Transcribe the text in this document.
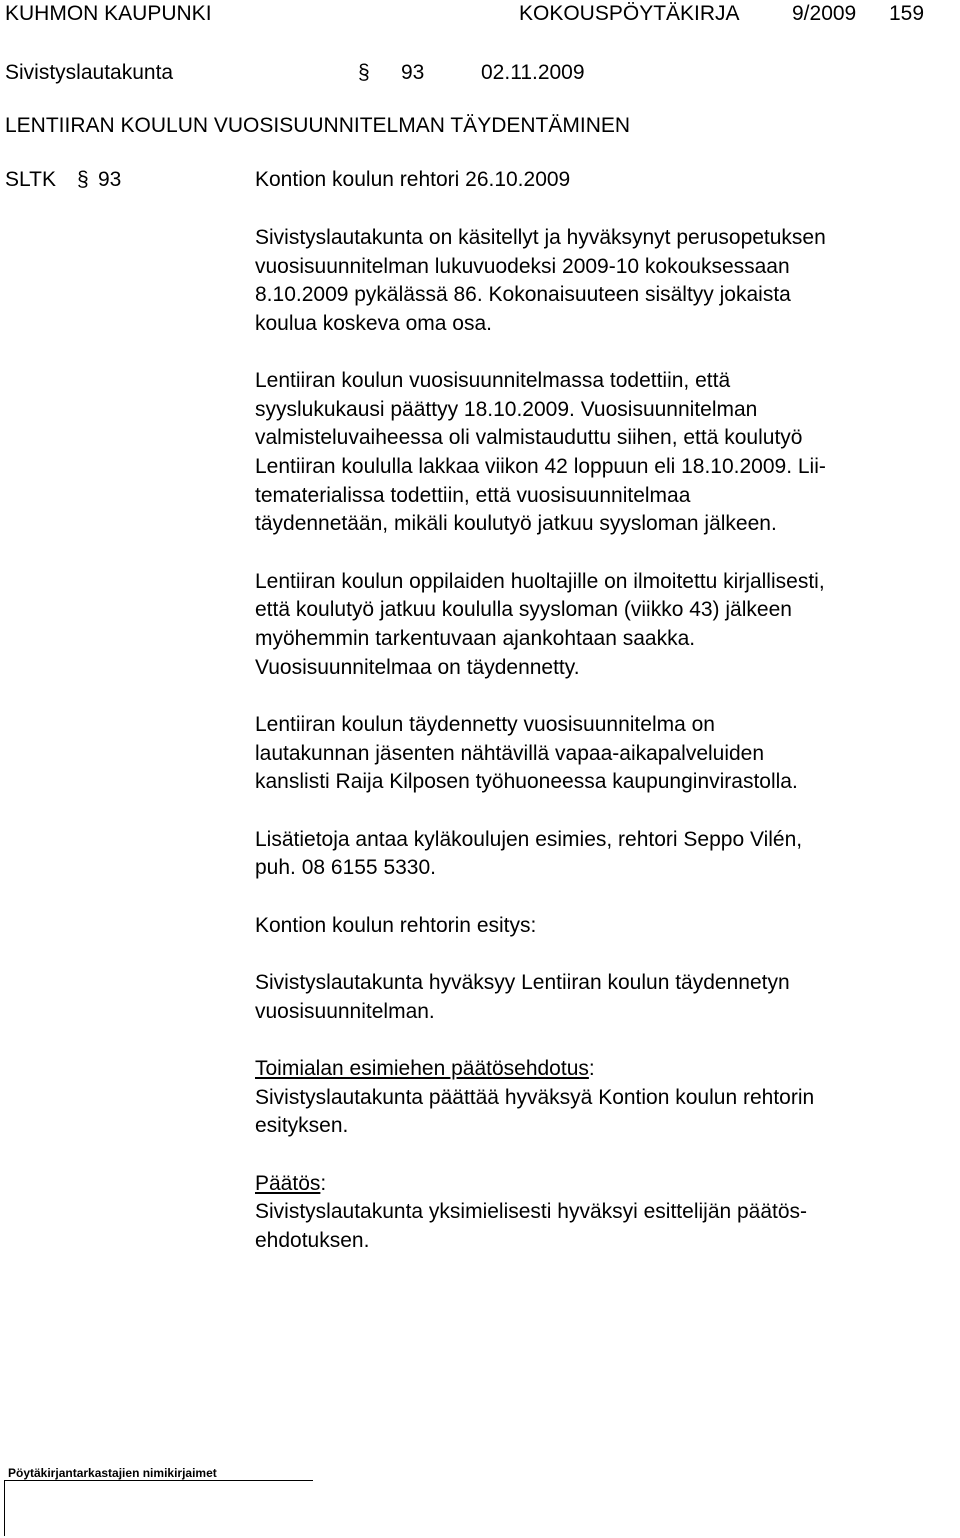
KUHMON KAUPUNKI	KOKOUSPÖYTÄKIRJA 9/2009 159
Sivistyslautakunta	§ 93	02.11.2009
LENTIIRAN KOULUN VUOSISUUNNITELMAN TÄYDENTÄMINEN
SLTK § 93	Kontion koulun rehtori 26.10.2009
Sivistyslautakunta on käsitellyt ja hyväksynyt perusopetuksen
vuosisuunnitelman lukuvuodeksi 2009-10 kokouksessaan
8.10.2009 pykälässä 86. Kokonaisuuteen sisältyy jokaista
koulua koskeva oma osa.
Lentiiran koulun vuosisuunnitelmassa todettiin, että
syyslukukausi päättyy 18.10.2009. Vuosisuunnitelman
valmisteluvaiheessa oli valmistauduttu siihen, että koulutyö
Lentiiran koululla lakkaa viikon 42 loppuun eli 18.10.2009. Lii-
tematerialissa todettiin, että vuosisuunnitelmaa
täydennetään, mikäli koulutyö jatkuu syysloman jälkeen.
Lentiiran koulun oppilaiden huoltajille on ilmoitettu kirjallisesti,
että koulutyö jatkuu koululla syysloman (viikko 43) jälkeen
myöhemmin tarkentuvaan ajankohtaan saakka.
Vuosisuunnitelmaa on täydennetty.
Lentiiran koulun täydennetty vuosisuunnitelma on
lautakunnan jäsenten nähtävillä vapaa-aikapalveluiden
kanslisti Raija Kilposen työhuoneessa kaupunginvirastolla.
Lisätietoja antaa kyläkoulujen esimies, rehtori Seppo Vilén,
puh. 08 6155 5330.
Kontion koulun rehtorin esitys:
Sivistyslautakunta hyväksyy Lentiiran koulun täydennetyn
vuosisuunnitelman.
Toimialan esimiehen päätösehdotus:
Sivistyslautakunta päättää hyväksyä Kontion koulun rehtorin
esityksen.
Päätös:
Sivistyslautakunta yksimielisesti hyväksyi esittelijän päätös-
ehdotuksen.
Pöytäkirjantarkastajien nimikirjaimet
